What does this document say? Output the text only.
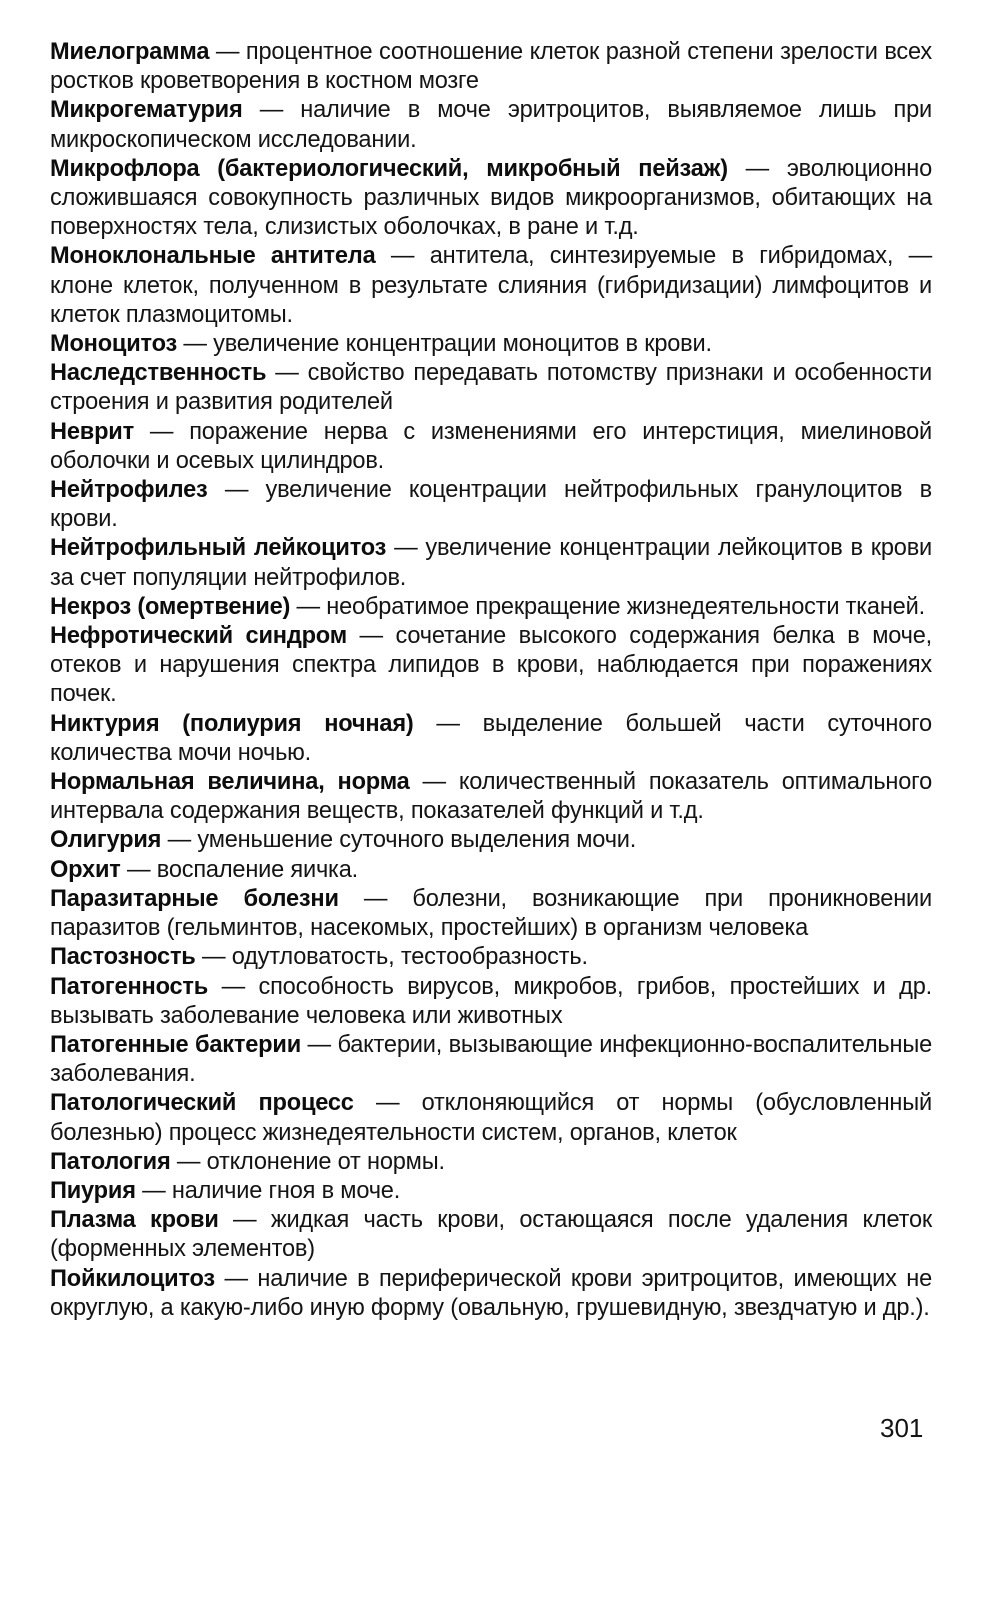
Миелограмма — процентное соотношение клеток разной степени зрелости всех ростков кроветворения в костном мозге

Микрогематурия — наличие в моче эритроцитов, выявляемое лишь при микроскопическом исследовании.

Микрофлора (бактериологический, микробный пейзаж) — эволюционно сложившаяся совокупность различных видов микроорганизмов, обитающих на поверхностях тела, слизистых оболочках, в ране и т.д.

Моноклональные антитела — антитела, синтезируемые в гибридомах, — клоне клеток, полученном в результате слияния (гибридизации) лимфоцитов и клеток плазмоцитомы.

Моноцитоз — увеличение концентрации моноцитов в крови.

Наследственность — свойство передавать потомству признаки и особенности строения и развития родителей

Неврит — поражение нерва с изменениями его интерстиция, миелиновой оболочки и осевых цилиндров.

Нейтрофилез — увеличение коцентрации нейтрофильных гранулоцитов в крови.

Нейтрофильный лейкоцитоз — увеличение концентрации лейкоцитов в крови за счет популяции нейтрофилов.

Некроз (омертвение) — необратимое прекращение жизнедеятельности тканей.

Нефротический синдром — сочетание высокого содержания белка в моче, отеков и нарушения спектра липидов в крови, наблюдается при поражениях почек.

Никтурия (полиурия ночная) — выделение большей части суточного количества мочи ночью.

Нормальная величина, норма — количественный показатель оптимального интервала содержания веществ, показателей функций и т.д.

Олигурия — уменьшение суточного выделения мочи.

Орхит — воспаление яичка.

Паразитарные болезни — болезни, возникающие при проникновении паразитов (гельминтов, насекомых, простейших) в организм человека

Пастозность — одутловатость, тестообразность.

Патогенность — способность вирусов, микробов, грибов, простейших и др. вызывать заболевание человека или животных

Патогенные бактерии — бактерии, вызывающие инфекционно-воспалительные заболевания.

Патологический процесс — отклоняющийся от нормы (обусловленный болезнью) процесс жизнедеятельности систем, органов, клеток

Патология — отклонение от нормы.

Пиурия — наличие гноя в моче.

Плазма крови — жидкая часть крови, остающаяся после удаления клеток (форменных элементов)

Пойкилоцитоз — наличие в периферической крови эритроцитов, имеющих не округлую, а какую-либо иную форму (овальную, грушевидную, звездчатую и др.).

301
